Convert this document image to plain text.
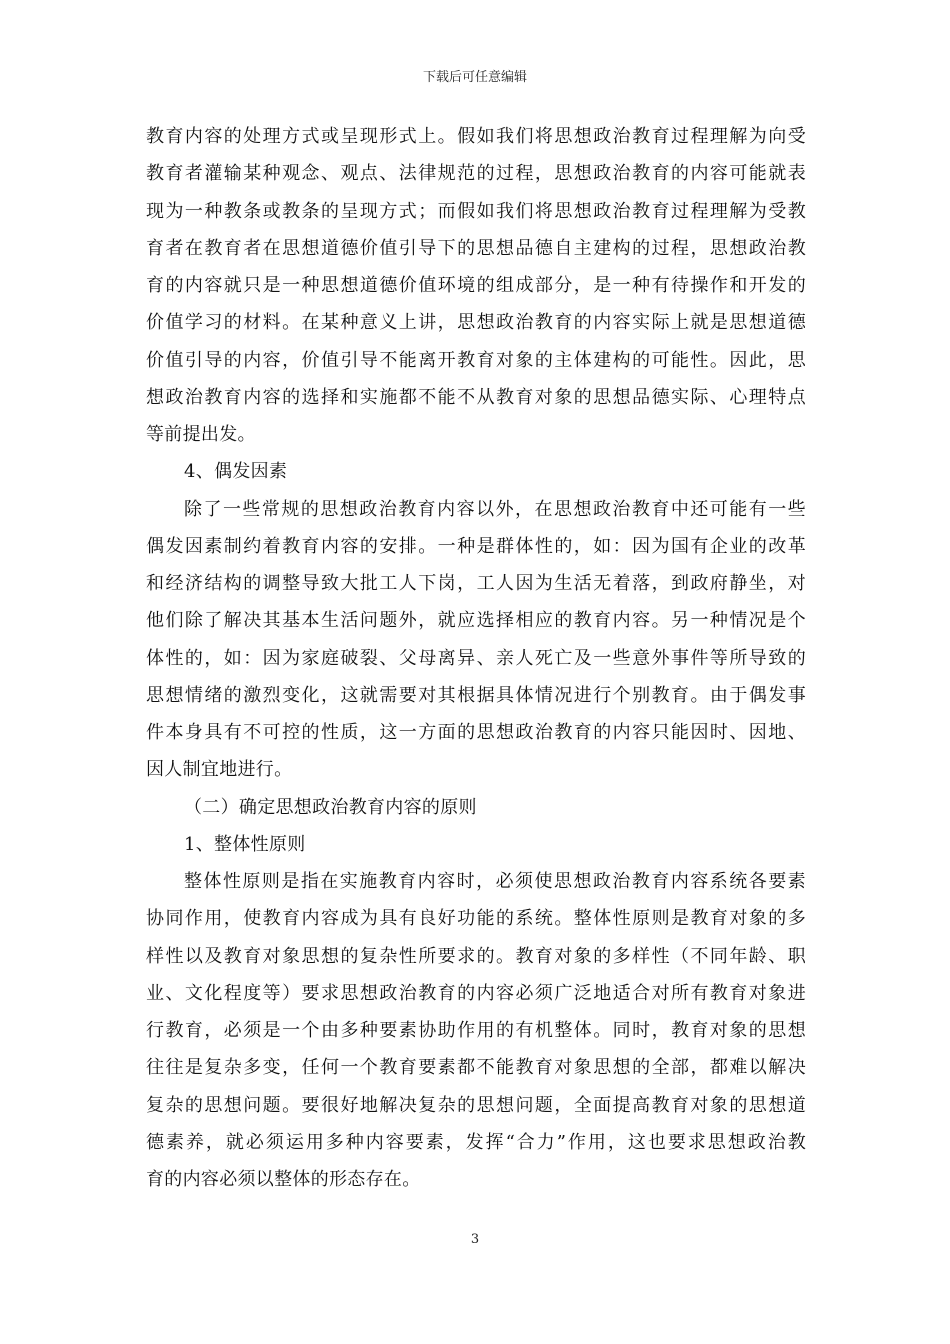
下载后可任意编辑
教育内容的处理方式或呈现形式上。假如我们将思想政治教育过程理解为向受
教育者灌输某种观念、观点、法律规范的过程，思想政治教育的内容可能就表
现为一种教条或教条的呈现方式；而假如我们将思想政治教育过程理解为受教
育者在教育者在思想道德价值引导下的思想品德自主建构的过程，思想政治教
育的内容就只是一种思想道德价值环境的组成部分，是一种有待操作和开发的
价值学习的材料。在某种意义上讲，思想政治教育的内容实际上就是思想道德
价值引导的内容，价值引导不能离开教育对象的主体建构的可能性。因此，思
想政治教育内容的选择和实施都不能不从教育对象的思想品德实际、心理特点
等前提出发。
4、偶发因素
除了一些常规的思想政治教育内容以外，在思想政治教育中还可能有一些
偶发因素制约着教育内容的安排。一种是群体性的，如：因为国有企业的改革
和经济结构的调整导致大批工人下岗，工人因为生活无着落，到政府静坐，对
他们除了解决其基本生活问题外，就应选择相应的教育内容。另一种情况是个
体性的，如：因为家庭破裂、父母离异、亲人死亡及一些意外事件等所导致的
思想情绪的激烈变化，这就需要对其根据具体情况进行个别教育。由于偶发事
件本身具有不可控的性质，这一方面的思想政治教育的内容只能因时、因地、
因人制宜地进行。
（二）确定思想政治教育内容的原则
1、整体性原则
整体性原则是指在实施教育内容时，必须使思想政治教育内容系统各要素
协同作用，使教育内容成为具有良好功能的系统。整体性原则是教育对象的多
样性以及教育对象思想的复杂性所要求的。教育对象的多样性（不同年龄、职
业、文化程度等）要求思想政治教育的内容必须广泛地适合对所有教育对象进
行教育，必须是一个由多种要素协助作用的有机整体。同时，教育对象的思想
往往是复杂多变，任何一个教育要素都不能教育对象思想的全部，都难以解决
复杂的思想问题。要很好地解决复杂的思想问题，全面提高教育对象的思想道
德素养，就必须运用多种内容要素，发挥“合力”作用，这也要求思想政治教
育的内容必须以整体的形态存在。
3
